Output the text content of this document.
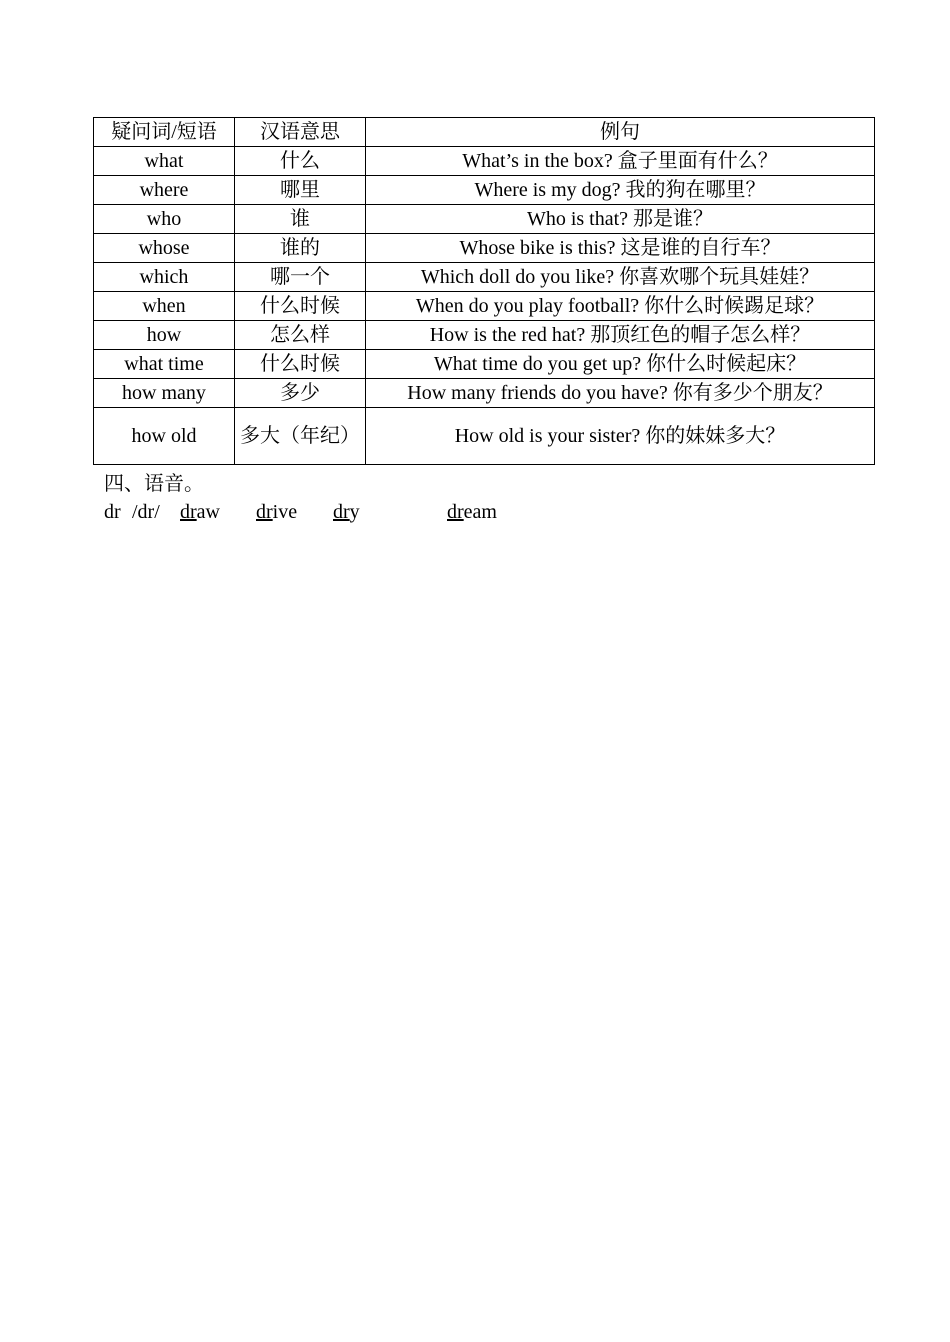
疑问词/短语	汉语意思	例句
what	什么	What’s in the box? 盒子里面有什么？
where	哪里	Where is my dog? 我的狗在哪里？
who	谁	Who is that? 那是谁？
whose	谁的	Whose bike is this? 这是谁的自行车？
which	哪一个	Which doll do you like? 你喜欢哪个玩具娃娃？
when	什么时候	When do you play football? 你什么时候踢足球？
how	怎么样	How is the red hat? 那顶红色的帽子怎么样？
what time	什么时候	What time do you get up? 你什么时候起床？
how many	多少	How many friends do you have? 你有多少个朋友？
how old	多大（年纪）	How old is your sister? 你的妹妹多大？
四、语音。
dr /dr/ draw drive dry	dream
